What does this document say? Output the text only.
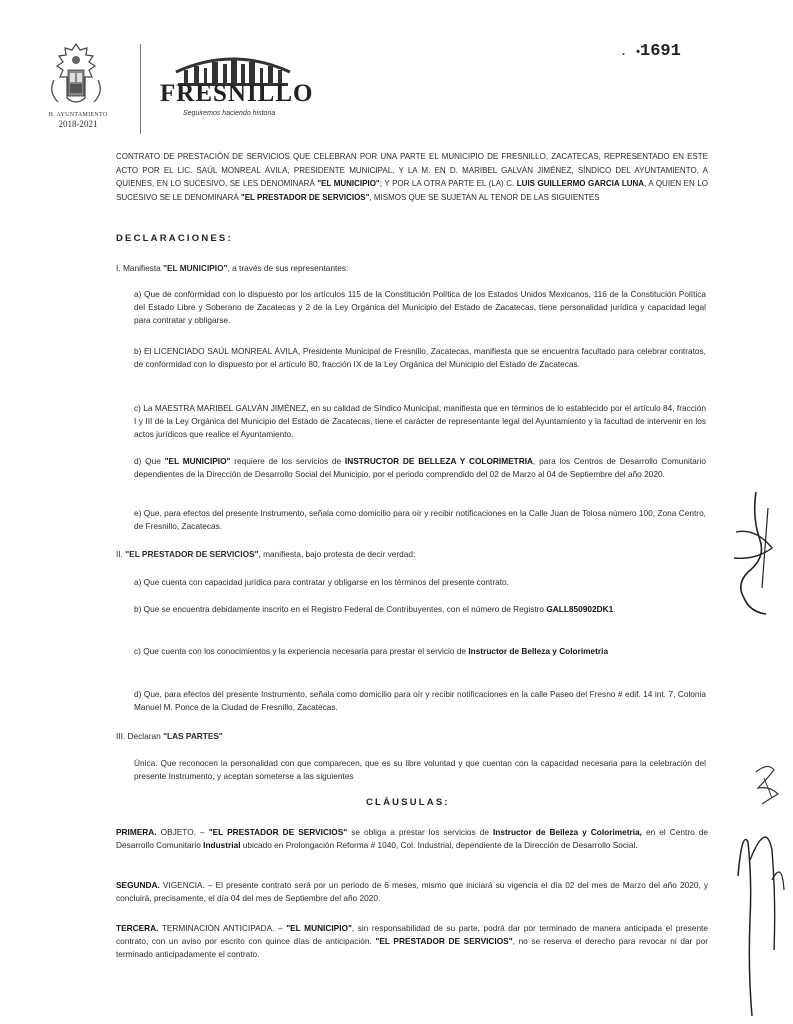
H. AYUNTAMIENTO
2018-2021
FRESNILLO
Seguiremos haciendo historia
. •
1691
CONTRATO DE PRESTACIÓN DE SERVICIOS QUE CELEBRAN POR UNA PARTE EL MUNICIPIO DE FRESNILLO, ZACATECAS, REPRESENTADO EN ESTE ACTO POR EL LIC. SAÚL MONREAL ÁVILA, PRESIDENTE MUNICIPAL, Y LA M. EN D. MARIBEL GALVÁN JIMÉNEZ, SÍNDICO DEL AYUNTAMIENTO, A QUIENES, EN LO SUCESIVO, SE LES DENOMINARÁ "EL MUNICIPIO"; Y POR LA OTRA PARTE EL (LA) C. LUIS GUILLERMO GARCIA LUNA, A QUIEN EN LO SUCESIVO SE LE DENOMINARÁ "EL PRESTADOR DE SERVICIOS", MISMOS QUE SE SUJETAN AL TENOR DE LAS SIGUIENTES
DECLARACIONES:
I. Manifiesta "EL MUNICIPIO", a través de sus representantes:
a) Que de conformidad con lo dispuesto por los artículos 115 de la Constitución Política de los Estados Unidos Mexicanos, 116 de la Constitución Política del Estado Libre y Soberano de Zacatecas y 2 de la Ley Orgánica del Municipio del Estado de Zacatecas, tiene personalidad jurídica y capacidad legal para contratar y obligarse.
b) El LICENCIADO SAÚL MONREAL ÁVILA, Presidente Municipal de Fresnillo, Zacatecas, manifiesta que se encuentra facultado para celebrar contratos, de conformidad con lo dispuesto por el artículo 80, fracción IX de la Ley Orgánica del Municipio del Estado de Zacatecas.
c) La MAESTRA MARIBEL GALVÁN JIMÉNEZ, en su calidad de Síndico Municipal, manifiesta que en términos de lo establecido por el artículo 84, fracción I y III de la Ley Orgánica del Municipio del Estado de Zacatecas, tiene el carácter de representante legal del Ayuntamiento y la facultad de intervenir en los actos jurídicos que realice el Ayuntamiento.
d) Que "EL MUNICIPIO" requiere de los servicios de INSTRUCTOR DE BELLEZA Y COLORIMETRIA, para los Centros de Desarrollo Comunitario dependientes de la Dirección de Desarrollo Social del Municipio, por el periodo comprendido del 02 de Marzo al 04 de Septiembre del año 2020.
e) Que, para efectos del presente Instrumento, señala como domicilio para oír y recibir notificaciones en la Calle Juan de Tolosa número 100, Zona Centro, de Fresnillo, Zacatecas.
II. "EL PRESTADOR DE SERVICIOS", manifiesta, bajo protesta de decir verdad:
a) Que cuenta con capacidad jurídica para contratar y obligarse en los términos del presente contrato.
b) Que se encuentra debidamente inscrito en el Registro Federal de Contribuyentes, con el número de Registro GALL850902DK1.
c) Que cuenta con los conocimientos y la experiencia necesaria para prestar el servicio de Instructor de Belleza y Colorimetria
d) Que, para efectos del presente Instrumento, señala como domicilio para oír y recibir notificaciones en la calle Paseo del Fresno # edif. 14 int. 7, Colonia Manuel M. Ponce de la Ciudad de Fresnillo, Zacatecas.
III. Declaran "LAS PARTES"
Única. Que reconocen la personalidad con que comparecen, que es su libre voluntad y que cuentan con la capacidad necesaria para la celebración del presente Instrumento, y aceptan someterse a las siguientes
CLÁUSULAS:
PRIMERA. OBJETO. – "EL PRESTADOR DE SERVICIOS" se obliga a prestar los servicios de Instructor de Belleza y Colorimetria, en el Centro de Desarrollo Comunitario Industrial ubicado en Prolongación Reforma # 1040, Col. Industrial, dependiente de la Dirección de Desarrollo Social.
SEGUNDA. VIGENCIA. – El presente contrato será por un periodo de 6 meses, mismo que iniciará su vigencia el día 02 del mes de Marzo del año 2020, y concluirá, precisamente, el día 04 del mes de Septiembre del año 2020.
TERCERA. TERMINACIÓN ANTICIPADA. – "EL MUNICIPIO", sin responsabilidad de su parte, podrá dar por terminado de manera anticipada el presente contrato, con un aviso por escrito con quince días de anticipación. "EL PRESTADOR DE SERVICIOS", no se reserva el derecho para revocar ni dar por terminado anticipadamente el contrato.
